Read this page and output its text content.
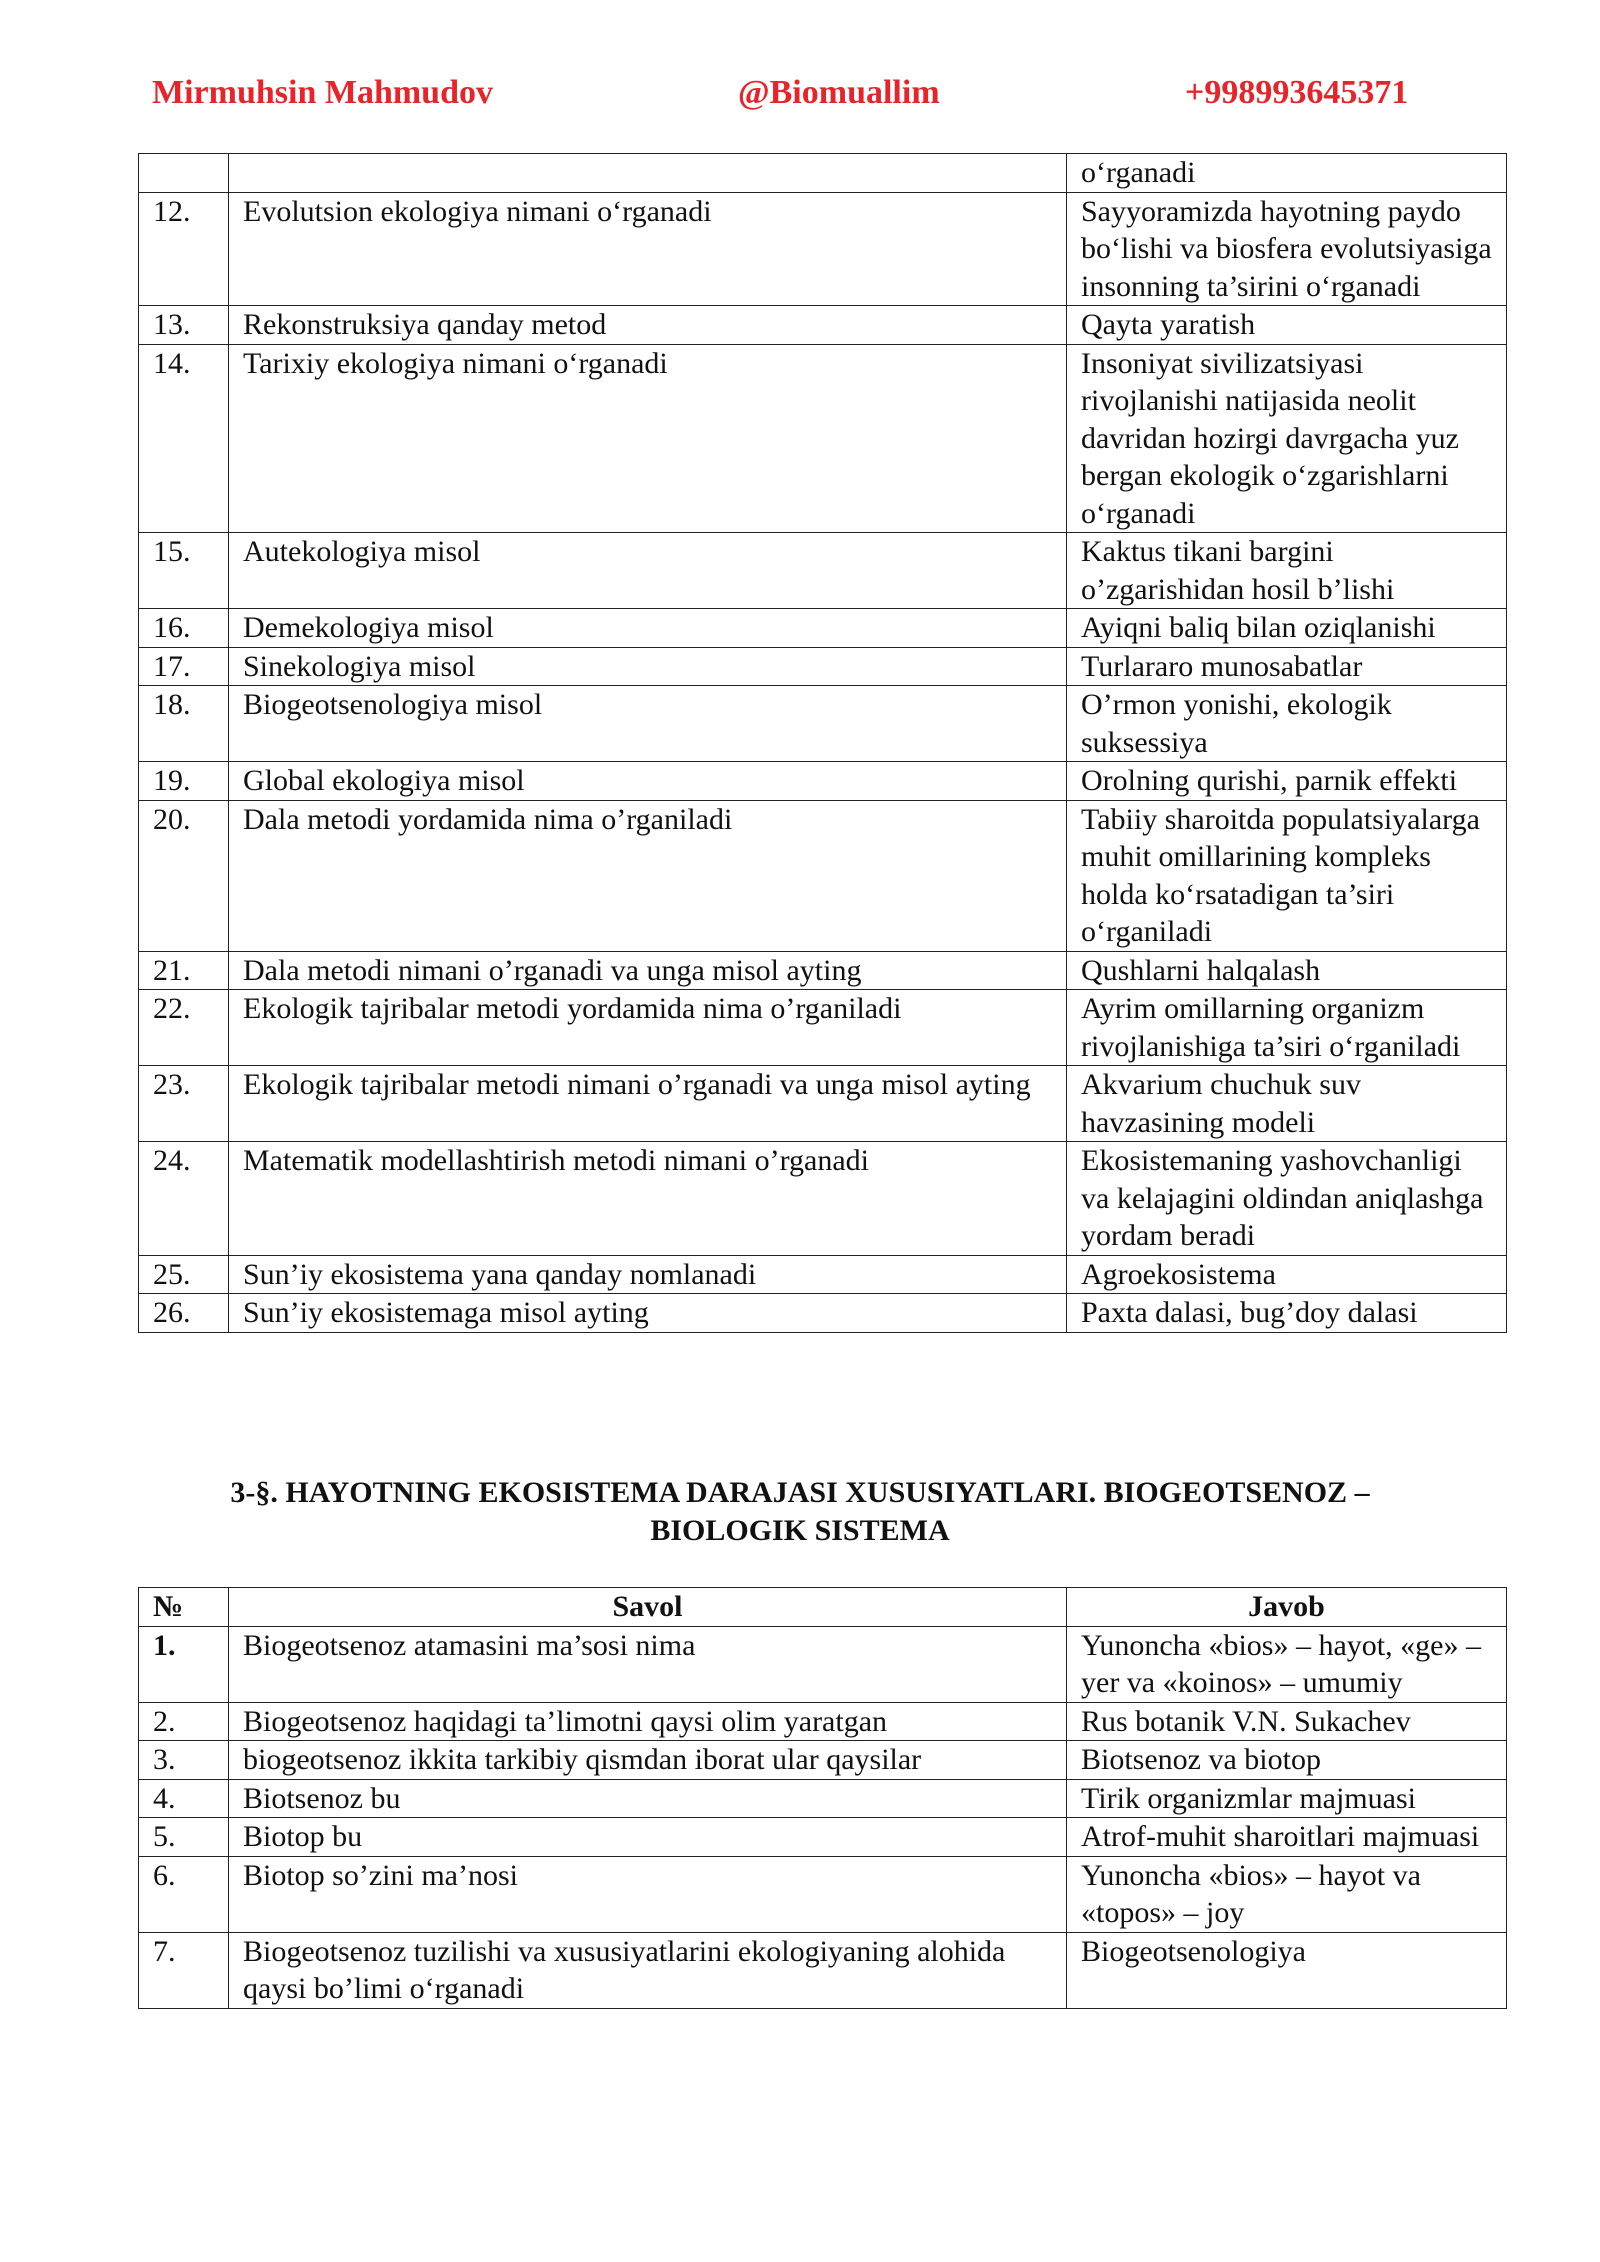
Mirmuhsin Mahmudov	@Biomuallim	+998993645371
		o‘rganadi
12.	Evolutsion ekologiya nimani o‘rganadi	Sayyoramizda hayotning paydo bo‘lishi va biosfera evolutsiyasiga insonning ta’sirini o‘rganadi
13.	Rekonstruksiya qanday metod	Qayta yaratish
14.	Tarixiy ekologiya nimani o‘rganadi	Insoniyat sivilizatsiyasi rivojlanishi natijasida neolit davridan hozirgi davrgacha yuz bergan ekologik o‘zgarishlarni o‘rganadi
15.	Autekologiya misol	Kaktus tikani bargini o’zgarishidan hosil b’lishi
16.	Demekologiya misol	Ayiqni baliq bilan oziqlanishi
17.	Sinekologiya misol	Turlararo munosabatlar
18.	Biogeotsenologiya misol	O’rmon yonishi, ekologik suksessiya
19.	Global ekologiya misol	Orolning qurishi, parnik effekti
20.	Dala metodi yordamida nima o’rganiladi	Tabiiy sharoitda populatsiyalarga muhit omillarining kompleks holda ko‘rsatadigan ta’siri o‘rganiladi
21.	Dala metodi nimani o’rganadi va unga misol ayting	Qushlarni halqalash
22.	Ekologik tajribalar metodi yordamida nima o’rganiladi	Ayrim omillarning organizm rivojlanishiga ta’siri o‘rganiladi
23.	Ekologik tajribalar metodi nimani o’rganadi va unga misol ayting	Akvarium chuchuk suv havzasining modeli
24.	Matematik modellashtirish metodi nimani o’rganadi	Ekosistemaning yashovchanligi va kelajagini oldindan aniqlashga yordam beradi
25.	Sun’iy ekosistema yana qanday nomlanadi	Agroekosistema
26.	Sun’iy ekosistemaga misol ayting	Paxta dalasi, bug’doy dalasi
3-§. HAYOTNING EKOSISTEMA DARAJASI XUSUSIYATLARI. BIOGEOTSENOZ – BIOLOGIK SISTEMA
№	Savol	Javob
1.	Biogeotsenoz atamasini ma’sosi nima	Yunoncha «bios» – hayot, «ge» – yer va «koinos» – umumiy
2.	Biogeotsenoz haqidagi ta’limotni qaysi olim yaratgan	Rus botanik V.N. Sukachev
3.	biogeotsenoz ikkita tarkibiy qismdan iborat ular qaysilar	Biotsenoz va biotop
4.	Biotsenoz bu	Tirik organizmlar majmuasi
5.	Biotop bu	Atrof-muhit sharoitlari majmuasi
6.	Biotop so’zini ma’nosi	Yunoncha «bios» – hayot va «topos» – joy
7.	Biogeotsenoz tuzilishi va xususiyatlarini ekologiyaning alohida qaysi bo’limi o‘rganadi	Biogeotsenologiya
